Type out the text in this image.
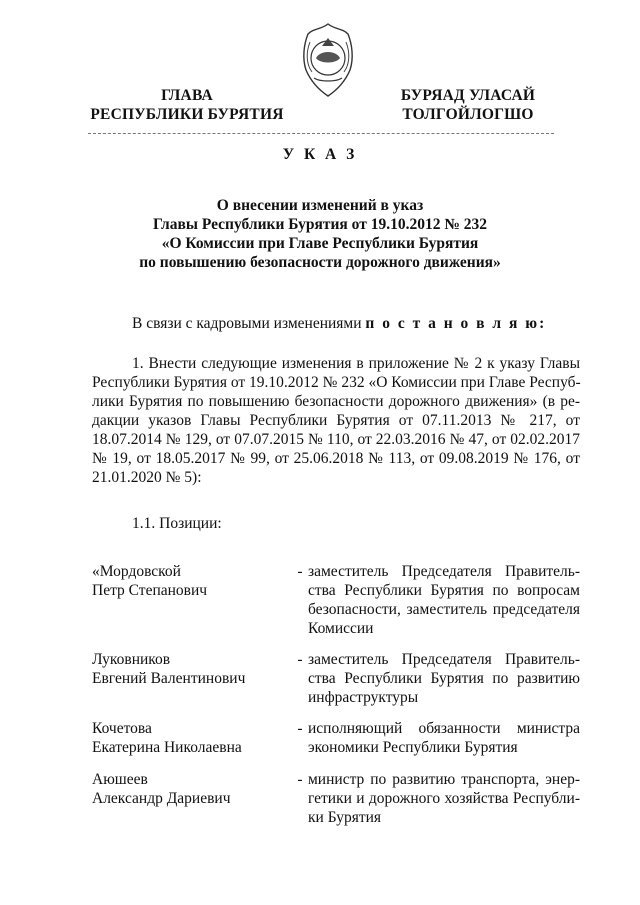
ГЛАВА
РЕСПУБЛИКИ БУРЯТИЯ
БУРЯАД УЛАСАЙ
ТОЛГОЙЛОГШО
У К А З
О внесении изменений в указ
Главы Республики Бурятия от 19.10.2012 № 232
«О Комиссии при Главе Республики Бурятия
по повышению безопасности дорожного движения»
В связи с кадровыми изменениями п о с т а н о в л я ю:
1. Внести следующие изменения в приложение № 2 к указу Главы
Республики Бурятия от 19.10.2012 № 232 «О Комиссии при Главе Респуб-
лики Бурятия по повышению безопасности дорожного движения» (в ре-
дакции указов Главы Республики Бурятия от 07.11.2013 № 217, от
18.07.2014 № 129, от 07.07.2015 № 110, от 22.03.2016 № 47, от 02.02.2017
№ 19, от 18.05.2017 № 99, от 25.06.2018 № 113, от 09.08.2019 № 176, от
21.01.2020 № 5):
1.1. Позиции:
«Мордовской
Петр Степанович
- заместитель Председателя Правитель-
ства Республики Бурятия по вопросам
безопасности, заместитель председателя
Комиссии
Луковников
Евгений Валентинович
- заместитель Председателя Правитель-
ства Республики Бурятия по развитию
инфраструктуры
Кочетова
Екатерина Николаевна
- исполняющий обязанности министра
экономики Республики Бурятия
Аюшеев
Александр Дариевич
- министр по развитию транспорта, энер-
гетики и дорожного хозяйства Республи-
ки Бурятия
